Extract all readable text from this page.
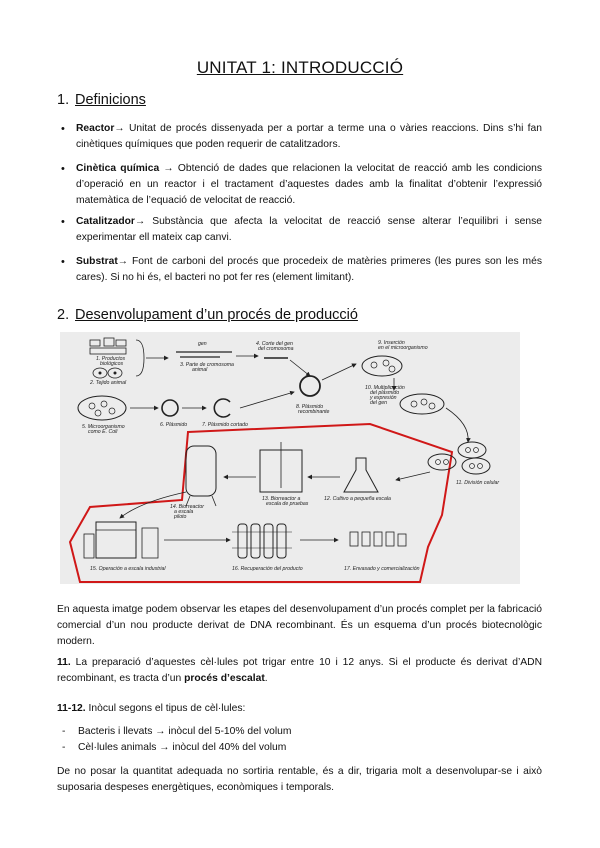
UNITAT 1: INTRODUCCIÓ
1. Definicions
• Reactor→ Unitat de procés dissenyada per a portar a terme una o vàries reaccions. Dins s’hi fan cinètiques químiques que poden requerir de catalitzadors.
• Cinètica química → Obtenció de dades que relacionen la velocitat de reacció amb les condicions d’operació en un reactor i el tractament d’aquestes dades amb la finalitat d’obtenir l’expressió matemàtica de l’equació de velocitat de reacció.
• Catalitzador→ Substància que afecta la velocitat de reacció sense alterar l’equilibri i sense experimentar ell mateix cap canvi.
• Substrat→ Font de carboni del procés que procedeix de matèries primeres (les pures son les més cares). Si no hi és, el bacteri no pot fer res (element limitant).
2. Desenvolupament d’un procés de producció
1. Productos
biológicos
2. Tejido animal
gen
3. Parte de cromosoma
animal
4. Corte del gen
del cromosoma
5. Microorganismo
como E. Coli
6. Plásmido	7. Plásmido cortado
8. Plásmido
recombinante
9. Inserción
en el microorganismo
10. Multiplicación
del plásmido
y expresión
del gen
11. División celular
12. Cultivo a pequeña escala
13. Biorreactor a
escala de pruebas
14. Biorreactor
a escala
piloto
15. Operación a escala industrial	16. Recuperación del producto	17. Envasado y comercialización
En aquesta imatge podem observar les etapes del desenvolupament d’un procés complet per la fabricació comercial d’un nou producte derivat de DNA recombinant. És un esquema d’un procés biotecnològic modern.
11. La preparació d’aquestes cèl·lules pot trigar entre 10 i 12 anys. Si el producte és derivat d’ADN recombinant, es tracta d’un procés d’escalat.
11-12. Inòcul segons el tipus de cèl·lules:
- Bacteris i llevats → inòcul del 5-10% del volum
- Cèl·lules animals → inòcul del 40% del volum
De no posar la quantitat adequada no sortiria rentable, és a dir, trigaria molt a desenvolupar-se i això suposaria despeses energètiques, econòmiques i temporals.
